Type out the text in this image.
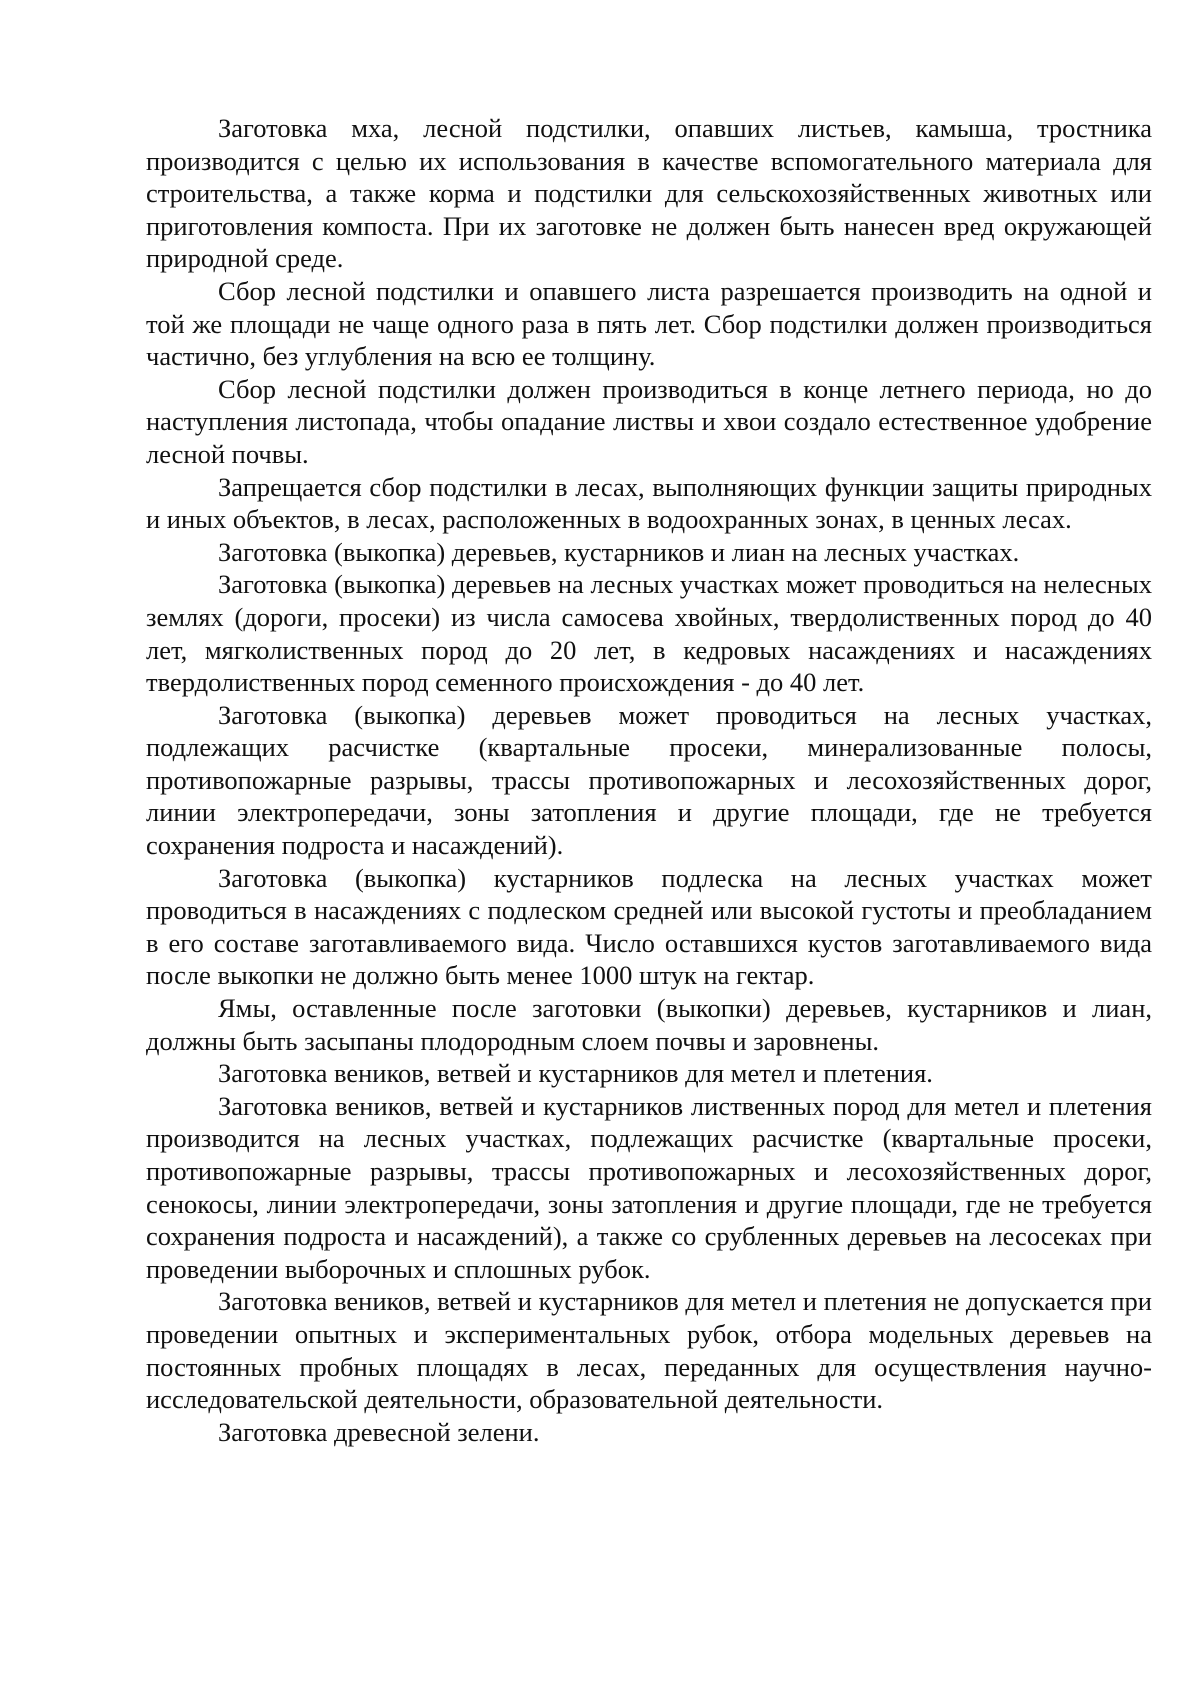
Заготовка мха, лесной подстилки, опавших листьев, камыша, тростника производится с целью их использования в качестве вспомогательного материала для строительства, а также корма и подстилки для сельскохозяйственных животных или приготовления компоста. При их заготовке не должен быть нанесен вред окружающей природной среде.

Сбор лесной подстилки и опавшего листа разрешается производить на одной и той же площади не чаще одного раза в пять лет. Сбор подстилки должен производиться частично, без углубления на всю ее толщину.

Сбор лесной подстилки должен производиться в конце летнего периода, но до наступления листопада, чтобы опадание листвы и хвои создало естественное удобрение лесной почвы.

Запрещается сбор подстилки в лесах, выполняющих функции защиты природных и иных объектов, в лесах, расположенных в водоохранных зонах, в ценных лесах.

Заготовка (выкопка) деревьев, кустарников и лиан на лесных участках.

Заготовка (выкопка) деревьев на лесных участках может проводиться на нелесных землях (дороги, просеки) из числа самосева хвойных, твердолиственных пород до 40 лет, мягколиственных пород до 20 лет, в кедровых насаждениях и насаждениях твердолиственных пород семенного происхождения - до 40 лет.

Заготовка (выкопка) деревьев может проводиться на лесных участках, подлежащих расчистке (квартальные просеки, минерализованные полосы, противопожарные разрывы, трассы противопожарных и лесохозяйственных дорог, линии электропередачи, зоны затопления и другие площади, где не требуется сохранения подроста и насаждений).

Заготовка (выкопка) кустарников подлеска на лесных участках может проводиться в насаждениях с подлеском средней или высокой густоты и преобладанием в его составе заготавливаемого вида. Число оставшихся кустов заготавливаемого вида после выкопки не должно быть менее 1000 штук на гектар.

Ямы, оставленные после заготовки (выкопки) деревьев, кустарников и лиан, должны быть засыпаны плодородным слоем почвы и заровнены.

Заготовка веников, ветвей и кустарников для метел и плетения.

Заготовка веников, ветвей и кустарников лиственных пород для метел и плетения производится на лесных участках, подлежащих расчистке (квартальные просеки, противопожарные разрывы, трассы противопожарных и лесохозяйственных дорог, сенокосы, линии электропередачи, зоны затопления и другие площади, где не требуется сохранения подроста и насаждений), а также со срубленных деревьев на лесосеках при проведении выборочных и сплошных рубок.

Заготовка веников, ветвей и кустарников для метел и плетения не допускается при проведении опытных и экспериментальных рубок, отбора модельных деревьев на постоянных пробных площадях в лесах, переданных для осуществления научно-исследовательской деятельности, образовательной деятельности.

Заготовка древесной зелени.
